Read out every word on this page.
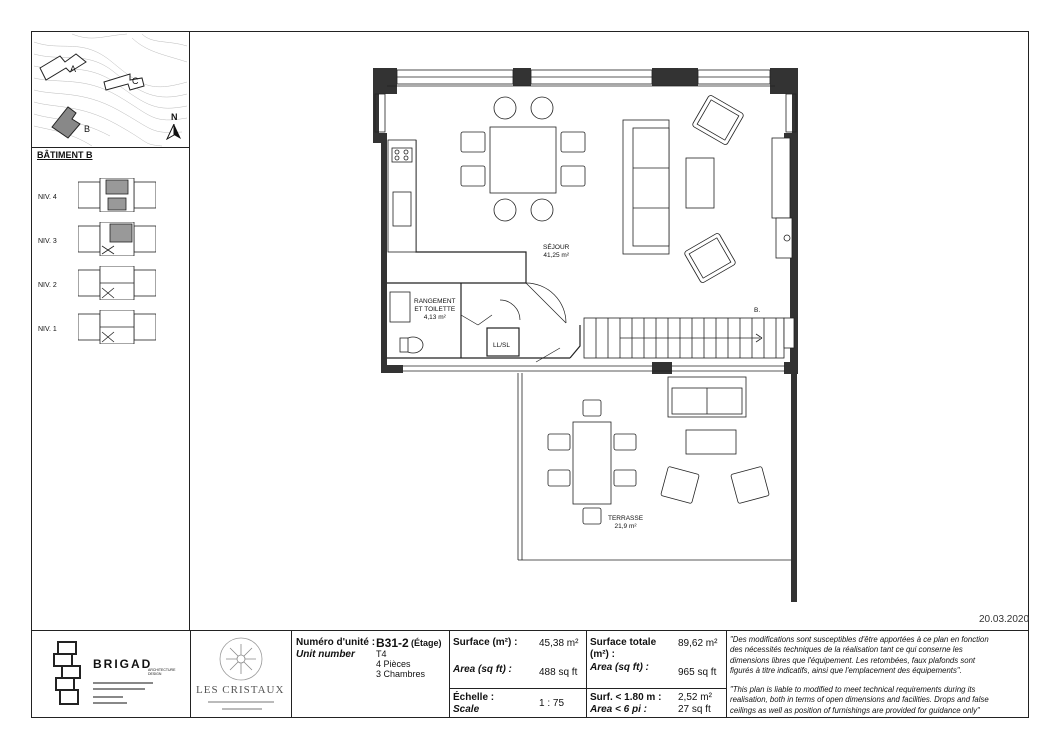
20.03.2020
A
C
B
N
BÂTIMENT B
NIV. 4
NIV. 3
NIV. 2
NIV. 1
SÉJOUR
41,25 m²
RANGEMENT
ET TOILETTE
4,13 m²
LL/SL
B.
TERRASSE
21,9 m²
BRIGAD
ARCHITECTURE
DESIGN
LES CRISTAUX
Numéro d'unité :
Unit number
B31-2 (Étage)
T4
4 Pièces
3 Chambres
Surface (m²) : 45,38 m²
Area (sq ft) :	488 sq ft
Échelle :
Scale
1 : 75
Surface totale
(m²) :
89,62 m²
Area (sq ft) :	965 sq ft
Surf. < 1.80 m :
Area < 6 pi :
2,52 m²
27 sq ft
"Des modifications sont susceptibles d'être apportées à ce plan en fonction
des nécessités techniques de la réalisation tant ce qui conserne les
dimensions libres que l'équipement. Les retombées, faux plafonds sont
figurés à titre indicatifs, ainsi que l'emplacement des équipements".
"This plan is liable to modified to meet technical requirements during its
realisation, both in terms of open dimensions and facilities. Drops and false
ceilings as well as position of furnishings are provided for guidance only"
